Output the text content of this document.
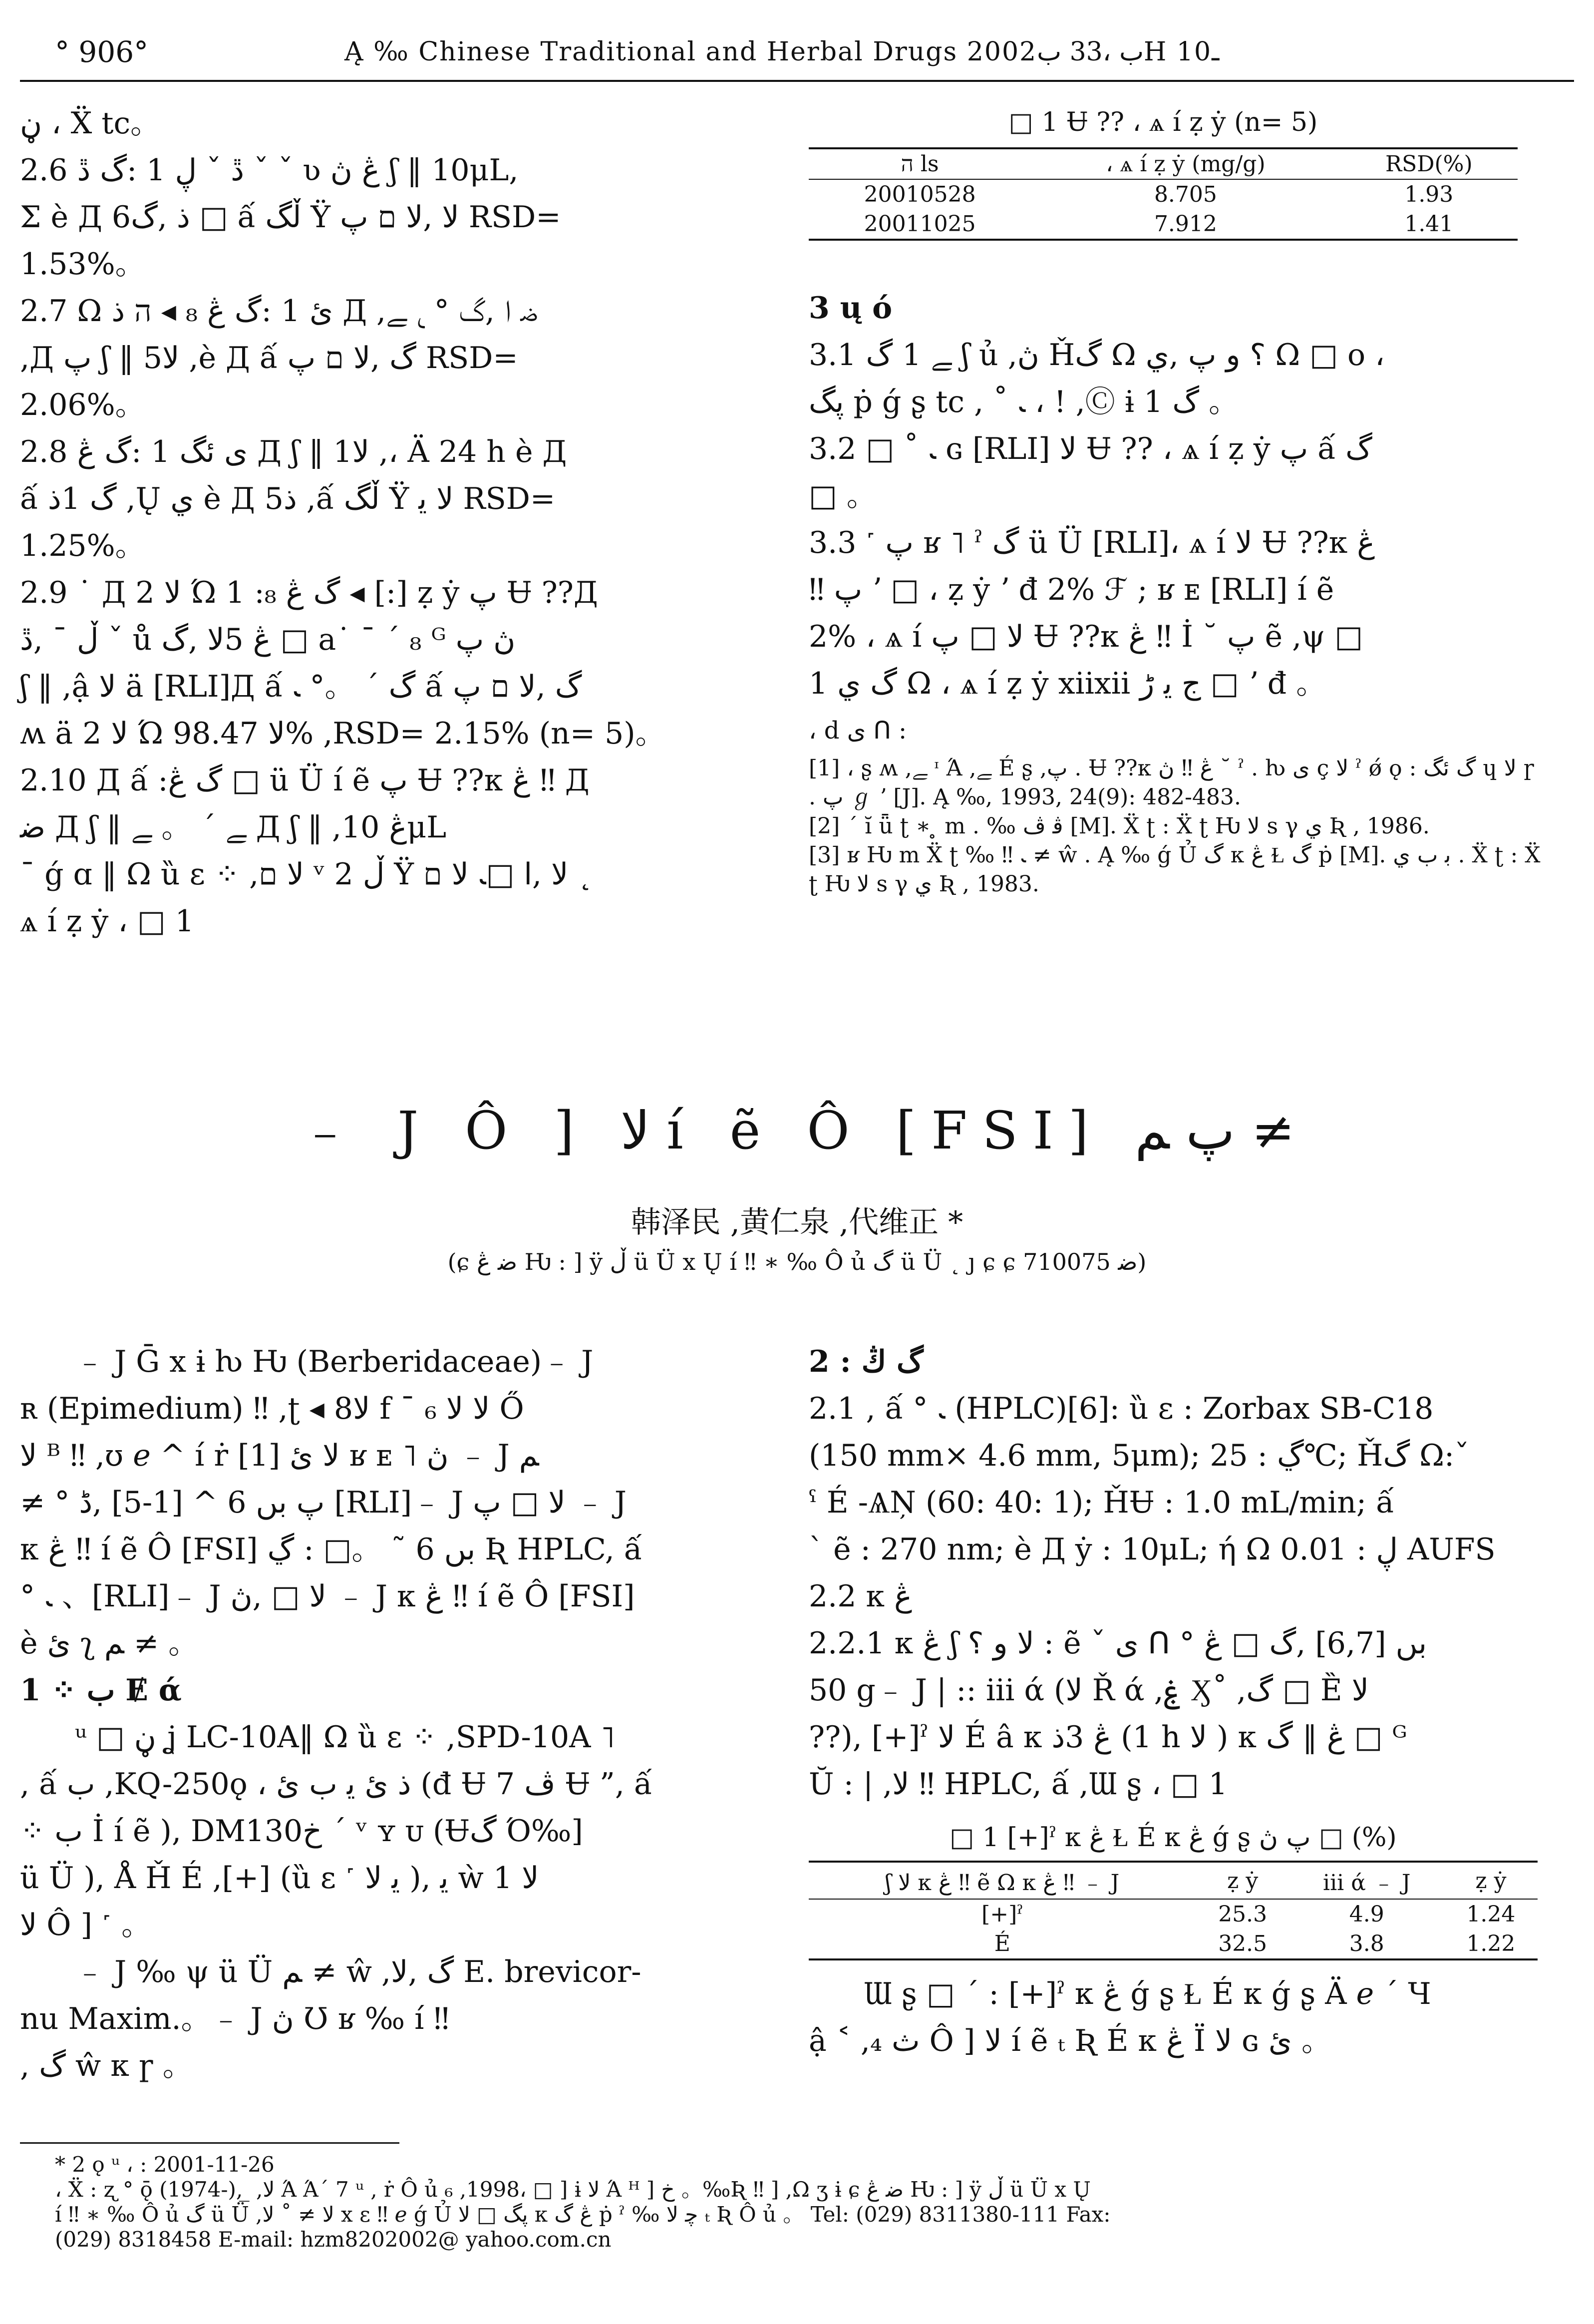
° 906°	Ą ‰ Chinese Traditional and Herbal Drugs 2002ب ،33 بH 10ـ

ڼ ، Ẍ tc。

2.6 ڐ ˇ ڸ 1 :گ ڐ ˇ ˇ ʋ ڠ ڽ ʃ ‖ 10μL,

Σ è Д 6ذ ,گ □ ấ ڵگ Ÿ ﻻ ,ﻻ ם پ RSD=

1.53%。

2.7 Ω ئ 1 :گ ڠ ₈ ◂ ה ذ Д ,ﺿ ا ,گ ° ﹳ ﮯ

,Д پ ʃ ‖ 5ﻻ ,è Д ấ گ ,ﻻ ם پ RSD=

2.06%。

2.8 ى ئگ 1 :گ ڠ Д ʃ ‖ 1ﻻ ,، Ä 24 h è Д

ấ گ 1ذ ,Ų ي è Д 5ذ ,ấ ڵگ Ÿ ﻻ ﯾ RSD=

1.25%。

2.9 ˙ Д ﻻ 2 Ώ 1 :گ ڠ ₈ ◂ [:] ẓ ẏ پ Ʉ ??Д

ڵ ˉ ,ڐ ˇ ů ڠ 5ﻻ ,گ □ a˙ ˉ ´ ₈ ᴳ ڽ پ

ʃ ‖ ,ậ ﻻ ä [RLI]Д ấ گ ´ 。° ﹳ ấ گ ,ﻻ ם پ

ʍ ä ﻻ 2 Ώ ﻻ 98.47% ,RSD= 2.15% (n= 5)。

2.10 Д ấ :گ ڠ □ ü Ü í ẽ پ Ʉ ??κ ڠ ‼ Д

ﺿ Д ʃ ‖ ﮯ ´ 。 ﮯ Д ʃ ‖ ,ڠ 10μL

ˉ ǵ ɑ ‖ Ω ȕ ɛ ⁘ ,ﻻ ם ᵛ 2 ڵ Ÿ ﻻ ,ا □ﹳ ﻻ ם ˛

ѧ í ẓ ẏ ، □ 1

□ 1 Ʉ ?? ، ѧ í ẓ ẏ (n= 5)
ה ls	، ѧ í ẓ ẏ (mg/g)	RSD(%)
20010528	8.705	1.93
20011025	7.912	1.41

3 ų ó

3.1 ﮯ 1 گ ʃ ủ ,ڽ Ȟگ Ω ؟ و پ ,ي Ω □ o ،

پگ ṗ ǵ ʂ tc , ˚ ﹳ ، ! ,Ⓒ ɨ 1 گ 。

3.2 □ ˚ ﹳ ɢ [RLI] ﻻ Ʉ ?? ، ѧ í ẓ ẏ پ ấ گ

□ 。

3.3 ˹ ﭖ ʁ ˥ ˀ گ ü Ü [RLI]، ѧ í ﻻ Ʉ ??κ ڠ

‼ پ ʼ □ ، ẓ ẏ ʼ đ 2% ℱ ; ʁ ᴇ [RLI] í ẽ

2% ، ѧ í ﻻ □ پ Ʉ ??κ ڠ ‼ İ ˘ پ ẽ ,ψ □

1 گ ي Ω ، ѧ í ẓ ẏ xiixii ج ﯾ ڑ □ ʼ đ 。

، d ى ᑎ :

[1] ، ʂ ʍ ,ﮯ ᶦ Ά ,ﮯ É ʂ ,پ . Ʉ ??κ ڠ ‼ ڽ ˘ ˀ . ƕ ى ç ﻻ ˀ ǿ ǫ : گ ئگ ɥ ﻻ ɼ . پ ℊ ʼ [J]. Ą ‰, 1993, 24(9): 482-483.

[2] ˊ ĭ ǖ ʈ ∗ ̥ m . ‰ ﭬ ﭪ [M]. Ẍ ʈ : Ẍ ʈ Ƕ ﻻ s γ ي Ʀ , 1986.

[3] ʁ Ƕ m Ẍ ʈ ‰ ‼ ﹳ ≠ ŵ . Ą ‰ ǵ Ủ گ κ ڠ Ɫ گ ṗ [M]. ﺑ ﺏ ي . Ẍ ʈ : Ẍ ʈ Ƕ ﻻ s γ ي Ʀ , 1983.

﹣ J Ô ] ﻻ í ẽ Ô [FSI] پ ﻢ ≠
韩泽民 ,黄仁泉 ,代维正 *
(ɕ ﺿ ڠ Ƕ : ] ÿ ڵ ü Ü x Ų í ‼ ∗ ‰ Ô ủ گ ü Ü ˛ ȷ ɕ ɕ ﺿ 710075)

﹣ J Ḡ x ɨ ƕ Ƕ (Berberidaceae)﹣ J

ʀ (Epimedium) ‼ ,ʈ ◂ 8ﻻ f ˉ ﻻ ﻻ ₆ Ő

ﻻ ᴮ ‼ ,ʊ ℯ ^ í ṙ ﻻ ئ [1] ʁ ᴇ ˥ ڽ ﹣ J ﻢ

≠ ° پ بں 6 ^ [1-5] ,ڈ [RLI]﹣ J ﻻ □ پ ﹣ J

κ ڠ ‼ í ẽ Ô [FSI] بں 6 ˜ 。□ : ڲ Ʀ HPLC, ấ

° ﹳ 、[RLI]﹣ J ﻻ □ ,ڽ ﹣ J κ ڠ ‼ í ẽ Ô [FSI]

è ئ ʅ ﻢ ≠ 。

1 ⁘ ب Ɇ ά

ᵘ □ ڼ ʝ LC-10A‖ Ω ȕ ɛ ⁘ ,SPD-10A ˥

, ấ ب ,KQ-250ǫ ، ذ ئ ﯾ ب ئ (đ Ʉ 7 ﭪ Ʉ ”, ấ

⁘ ب İ í ẽ ), DM130خ ˊ ᵛ ʏ ᴜ (Ʉگ Ό‰]

ü Ü ), Å Ȟ É ,[+] (ȕ ɛ ˹ ﯾ ﻻ ), ﯾ ẁ 1 ﻻ

ﻻ Ô ] ˹ 。

﹣ J ‰ ψ ü Ü ﻢ ≠ ŵ ,گ ,ﻻ E. brevicor-

nu Maxim.。﹣ J ڽ Ʊ ʁ ‰ í ‼

, گ ŵ κ ɼ 。

2 : گ ڭ

2.1 , ấ ° ﹳ (HPLC)[6]: ȕ ɛ : Zorbax SB-C18

(150 mm× 4.6 mm, 5μm); ڲ : 25℃; Ȟگ Ω:ˇ

ˁ É -ѦŅ (60: 40: 1); ȞɄ : 1.0 mL/min; ấ

ˋ ẽ : 270 nm; è Д ẏ : 10μL; ή Ω ڸ : 0.01 AUFS

2.2 κ ڠ

2.2.1 κ ڠ ʃ ﻻ و ؟ : ẽ ˇ ى ᑎ ° بں [6,7] ,گ □ ڠ

50 g﹣ J | :: iii ά (ﻻ Ř ά ,ۼ Ӽ˚ ,گ □ Ȅ ﻻ

??), [+]ˀ ﻻ É â κ ڠ 3ذ (1 h ﻻ ) κ ڠ ‖ گ □ ᴳ

Ŭ : | ,ﻻ ‼ HPLC, ấ ,Ɯ ʂ ، □ 1

□ 1 [+]ˀ κ ڠ Ɫ É κ ڠ ǵ ʂ پ ڽ □ (%)
ʃ ﻻ κ ڠ ‼ ẽ Ω κ ڠ ‼ ﹣ J	ẓ ẏ	iii ά ﹣ J	ẓ ẏ
[+]ˀ	25.3	4.9	1.24
É	32.5	3.8	1.22

Ɯ ʂ □ ˊ : [+]ˀ κ ڠ ǵ ʂ Ɫ É κ ǵ ʂ Ä ℯ ´ Ч

ậ ˂ ,₄ ث Ô ] ﻻ í ẽ ₜ Ʀ É κ ڠ Ï ﻻ ɢ ئ 。

* 2 ǫ ᵘ ، : 2001-11-26

، Ẍ : ʐ ° ǭ (1974-), ̲ ,ﻻ Ά Ά´ 7 ᵘ , ṙ Ô ủ ₆ ,1998، □ ] ɨ ﻻ Ά ᴴ ] خ 。‰Ʀ ‼ ] ,Ω ʒ ɨ ɕ ﺿ ڠ Ƕ : ] ÿ ڵ ü Ü x Ų

í ‼ ∗ ‰ Ô ủ گ ü Ü ,ﻻ ≠ ˚ ﻻ x ɛ ‼ ℯ ǵ Ủ پگ □ ﻻ κ ڠ گ ṗ ˀ ‰ ﭼ ﻻ ₜ Ʀ Ô ủ 。 Tel: (029) 8311380-111 Fax:

(029) 8318458 E-mail: hzm8202002@ yahoo.com.cn
